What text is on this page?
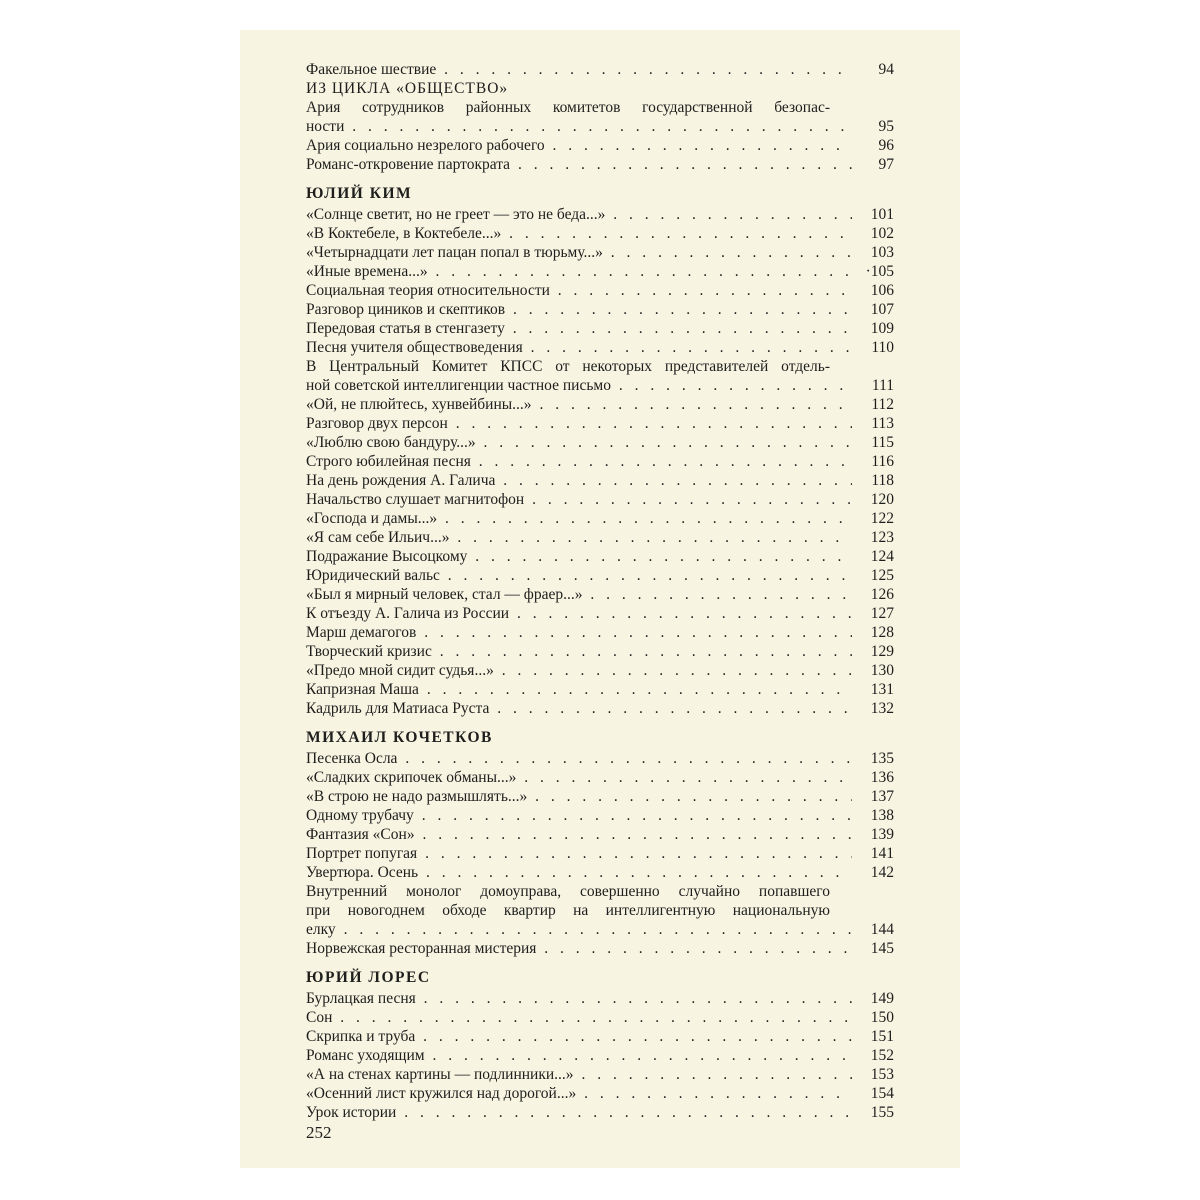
Факельное шествие . . .	94
ИЗ ЦИКЛА «ОБЩЕСТВО»
Ария сотрудников районных комитетов государственной безопас-
ности . . .	95
Ария социально незрелого рабочего . . .	96
Романс-откровение партократа . . .	97
ЮЛИЙ КИМ
«Солнце светит, но не греет — это не беда...» . . .	101
«В Коктебеле, в Коктебеле...» . . .	102
«Четырнадцати лет пацан попал в тюрьму...» . . .	103
«Иные времена...» . . .	·105
Социальная теория относительности . . .	106
Разговор циников и скептиков . . .	107
Передовая статья в стенгазету . . .	109
Песня учителя обществоведения . . .	110
В Центральный Комитет КПСС от некоторых представителей отдель-
ной советской интеллигенции частное письмо . . .	111
«Ой, не плюйтесь, хунвейбины...» . . .	112
Разговор двух персон . . .	113
«Люблю свою бандуру...» . . .	115
Строго юбилейная песня . . .	116
На день рождения А. Галича . . .	118
Начальство слушает магнитофон . . .	120
«Господа и дамы...» . . .	122
«Я сам себе Ильич...» . . .	123
Подражание Высоцкому . . .	124
Юридический вальс . . .	125
«Был я мирный человек, стал — фраер...» . . .	126
К отъезду А. Галича из России . . .	127
Марш демагогов . . .	128
Творческий кризис . . .	129
«Предо мной сидит судья...» . . .	130
Капризная Маша . . .	131
Кадриль для Матиаса Руста . . .	132
МИХАИЛ КОЧЕТКОВ
Песенка Осла . . .	135
«Сладких скрипочек обманы...» . . .	136
«В строю не надо размышлять...» . . .	137
Одному трубачу . . .	138
Фантазия «Сон» . . .	139
Портрет попугая . . .	141
Увертюра. Осень . . .	142
Внутренний монолог домоуправа, совершенно случайно попавшего
при новогоднем обходе квартир на интеллигентную национальную
елку . . .	144
Норвежская ресторанная мистерия . . .	145
ЮРИЙ ЛОРЕС
Бурлацкая песня . . .	149
Сон . . .	150
Скрипка и труба . . .	151
Романс уходящим . . .	152
«А на стенах картины — подлинники...» . . .	153
«Осенний лист кружился над дорогой...» . . .	154
Урок истории . . .	155
252
